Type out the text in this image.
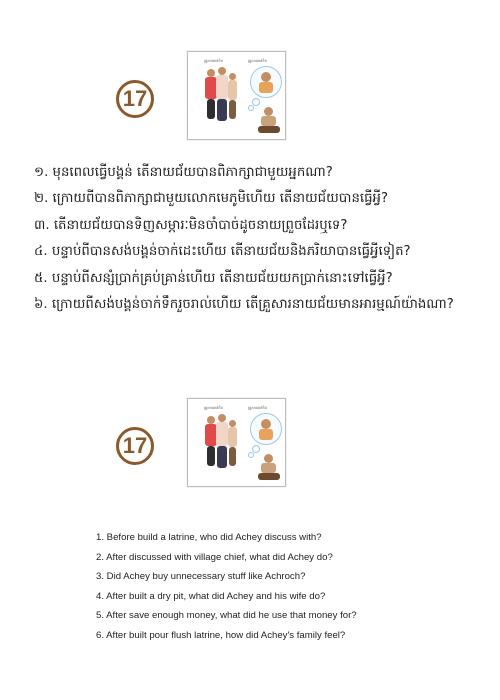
17
គ្រួសារគាត់ចិន	គ្រួសារគាត់ចិន
១. មុនពេលធ្វើបង្គន់ តើនាយជ័យបានពិភាក្សាជាមួយអ្នកណា?
២. ក្រោយពីបានពិភាក្សាជាមួយលោកមេភូមិហើយ តើនាយជ័យបានធ្វើអ្វី?
៣. តើនាយជ័យបានទិញសម្ភារៈមិនចាំបាច់ដូចនាយព្រួចដែរឬទេ?
៤. បន្ទាប់ពីបានសង់បង្គន់ចាក់ដេះហើយ តើនាយជ័យនិងភរិយាបានធ្វើអ្វីទៀត?
៥. បន្ទាប់ពីសន្សំប្រាក់គ្រប់គ្រាន់ហើយ តើនាយជ័យយកប្រាក់នោះទៅធ្វើអ្វី?
៦. ក្រោយពីសង់បង្គន់ចាក់ទឹករួចរាល់ហើយ តើគ្រួសារនាយជ័យមានអារម្មណ៍យ៉ាងណា?
17
គ្រួសារគាត់ចិន	គ្រួសារគាត់ចិន
1. Before build a latrine, who did Achey discuss with?
2. After discussed with village chief, what did Achey do?
3. Did Achey buy unnecessary stuff like Achroch?
4. After built a dry pit, what did Achey and his wife do?
5. After save enough money, what did he use that money for?
6. After built pour flush latrine, how did Achey's family feel?
